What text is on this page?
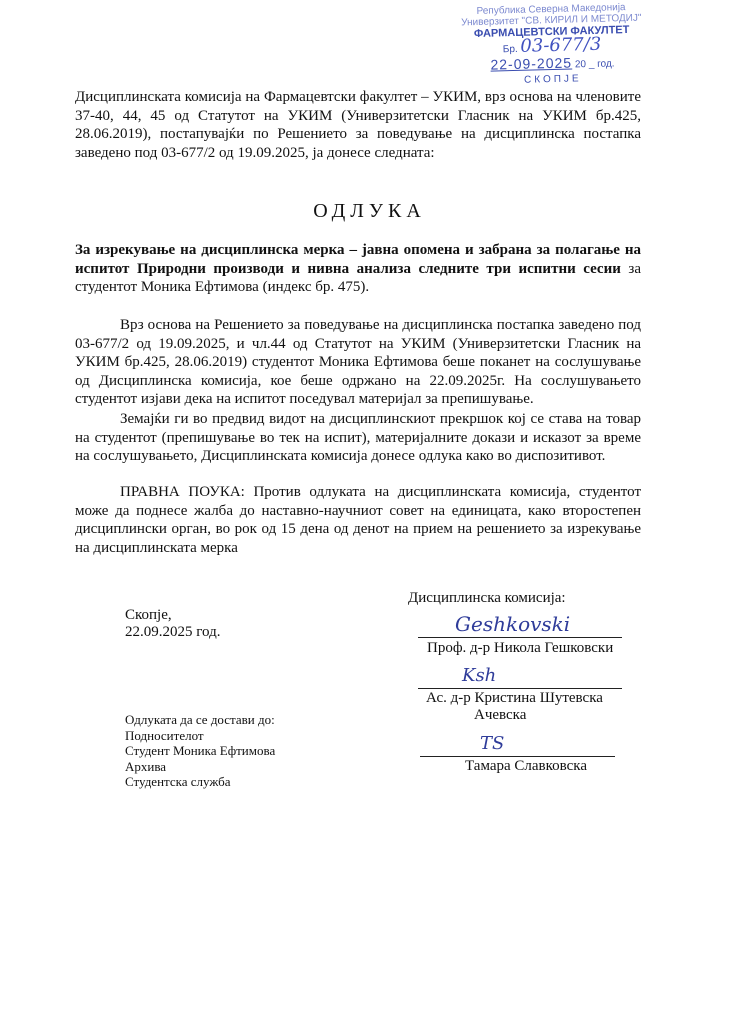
Република Северна Македонија
Универзитет "СВ. КИРИЛ И МЕТОДИЈ"
ФАРМАЦЕВТСКИ ФАКУЛТЕТ
Бр. 03-677/3
22-09-2025 20 _ год.
СКОПЈЕ
Дисциплинската комисија на Фармацевтски факултет – УКИМ, врз основа на членовите 37-40, 44, 45 од Статутот на УКИМ (Универзитетски Гласник на УКИМ бр.425, 28.06.2019), постапувајќи по Решението за поведување на дисциплинска постапка заведено под 03-677/2 од 19.09.2025, ја донесе следната:
ОДЛУКА
За изрекување на дисциплинска мерка – јавна опомена и забрана за полагање на испитот Природни производи и нивна анализа следните три испитни сесии за студентот Моника Ефтимова (индекс бр. 475).
Врз основа на Решението за поведување на дисциплинска постапка заведено под 03-677/2 од 19.09.2025, и чл.44 од Статутот на УКИМ (Универзитетски Гласник на УКИМ бр.425, 28.06.2019) студентот Моника Ефтимова беше поканет на сослушување од Дисциплинска комисија, кое беше одржано на 22.09.2025г. На сослушувањето студентот изјави дека на испитот поседувал материјал за препишување.
Земајќи ги во предвид видот на дисциплинскиот прекршок кој се става на товар на студентот (препишување во тек на испит), материјалните докази и исказот за време на сослушувањето, Дисциплинската комисија донесе одлука како во диспозитивот.
ПРАВНА ПОУКА: Против одлуката на дисциплинската комисија, студентот може да поднесе жалба до наставно-научниот совет на единицата, како второстепен дисциплински орган, во рок од 15 дена од денот на прием на решението за изрекување на дисциплинската мерка
Скопје,
22.09.2025 год.
Дисциплинска комисија:
Geshkovski
Проф. д-р Никола Гешковски
Ksh
Ас. д-р Кристина Шутевска
Ачевска
TS
Тамара Славковска
Одлуката да се достави до:
Подносителот
Студент Моника Ефтимова
Архива
Студентска служба
